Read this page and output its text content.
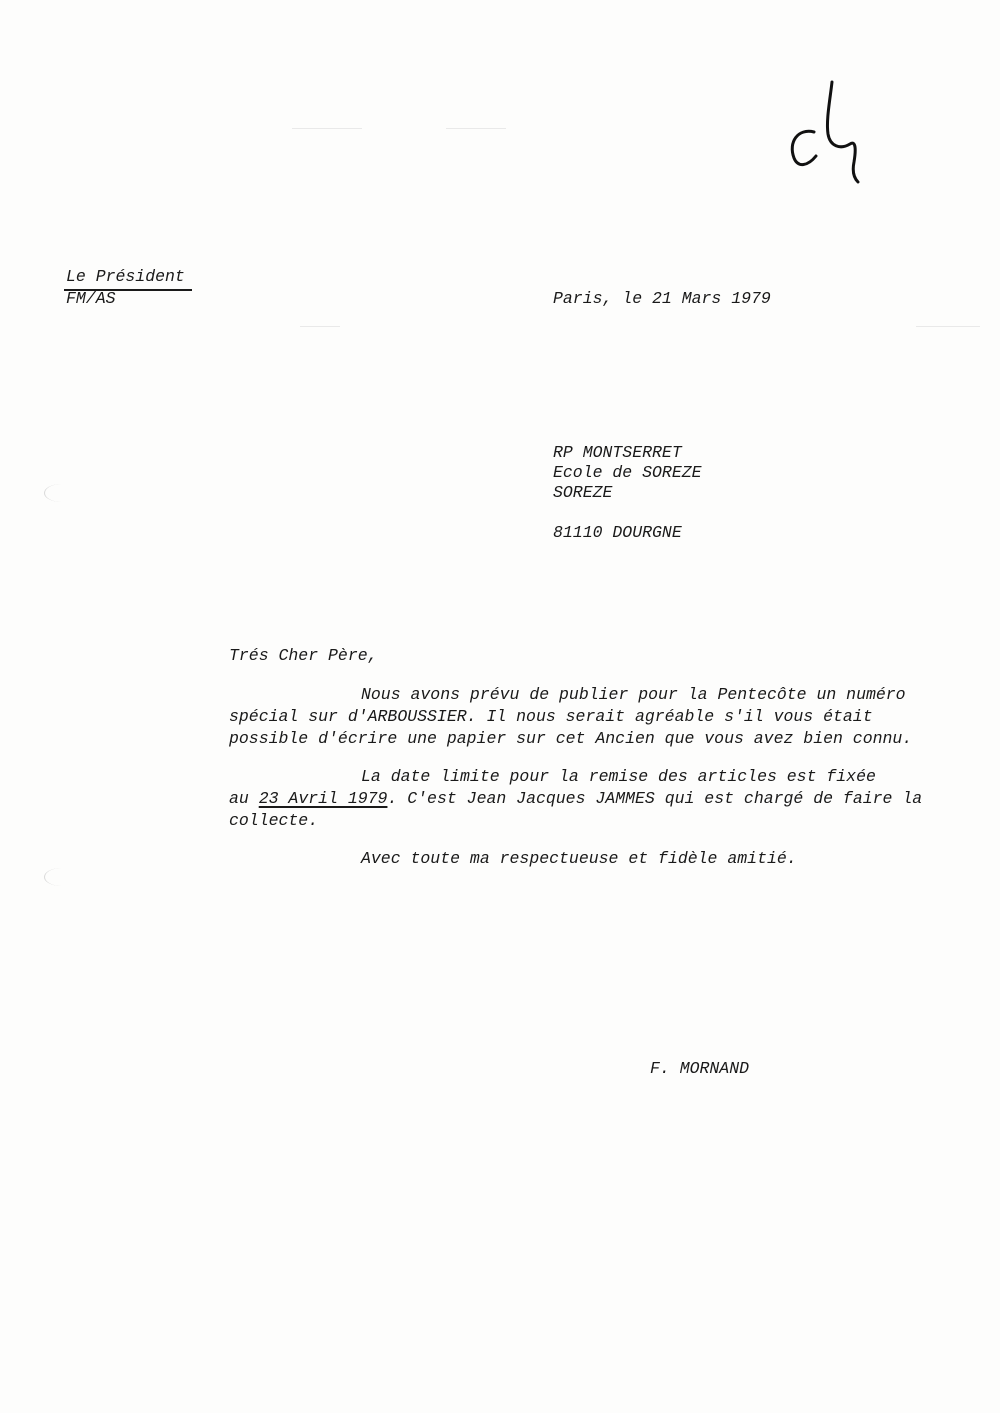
Le Président
FM/AS	Paris, le 21 Mars 1979
RP MONTSERRET
Ecole de SOREZE
SOREZE
81110 DOURGNE
Trés Cher Père,
Nous avons prévu de publier pour la Pentecôte un numéro
spécial sur d'ARBOUSSIER. Il nous serait agréable s'il vous était
possible d'écrire une papier sur cet Ancien que vous avez bien connu.
La date limite pour la remise des articles est fixée
au 23 Avril 1979. C'est Jean Jacques JAMMES qui est chargé de faire la
collecte.
Avec toute ma respectueuse et fidèle amitié.
F. MORNAND
